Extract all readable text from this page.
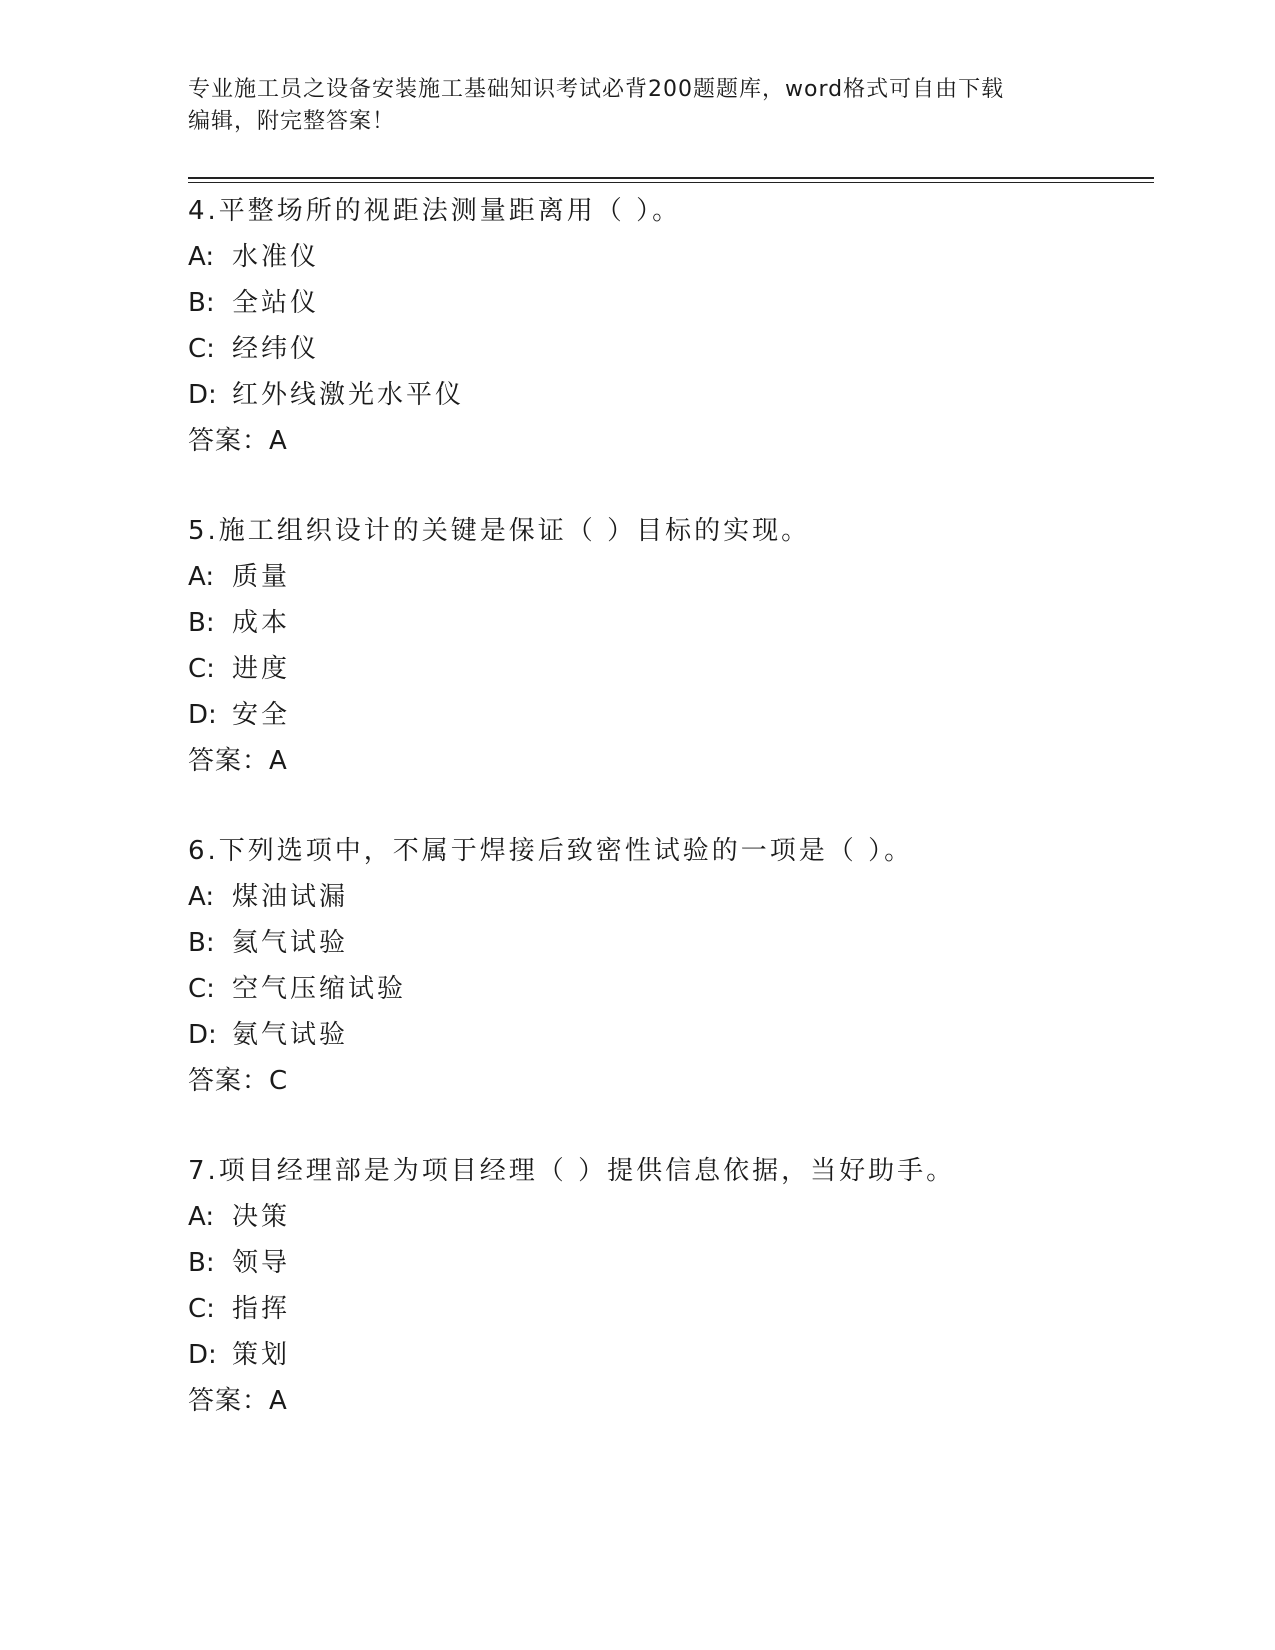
专业施工员之设备安装施工基础知识考试必背200题题库，word格式可自由下载
编辑，附完整答案！
4.平整场所的视距法测量距离用（ ）。
A: 水准仪
B: 全站仪
C: 经纬仪
D: 红外线激光水平仪
答案：A
5.施工组织设计的关键是保证（ ）目标的实现。
A: 质量
B: 成本
C: 进度
D: 安全
答案：A
6.下列选项中，不属于焊接后致密性试验的一项是（ ）。
A: 煤油试漏
B: 氦气试验
C: 空气压缩试验
D: 氨气试验
答案：C
7.项目经理部是为项目经理（ ）提供信息依据，当好助手。
A: 决策
B: 领导
C: 指挥
D: 策划
答案：A
